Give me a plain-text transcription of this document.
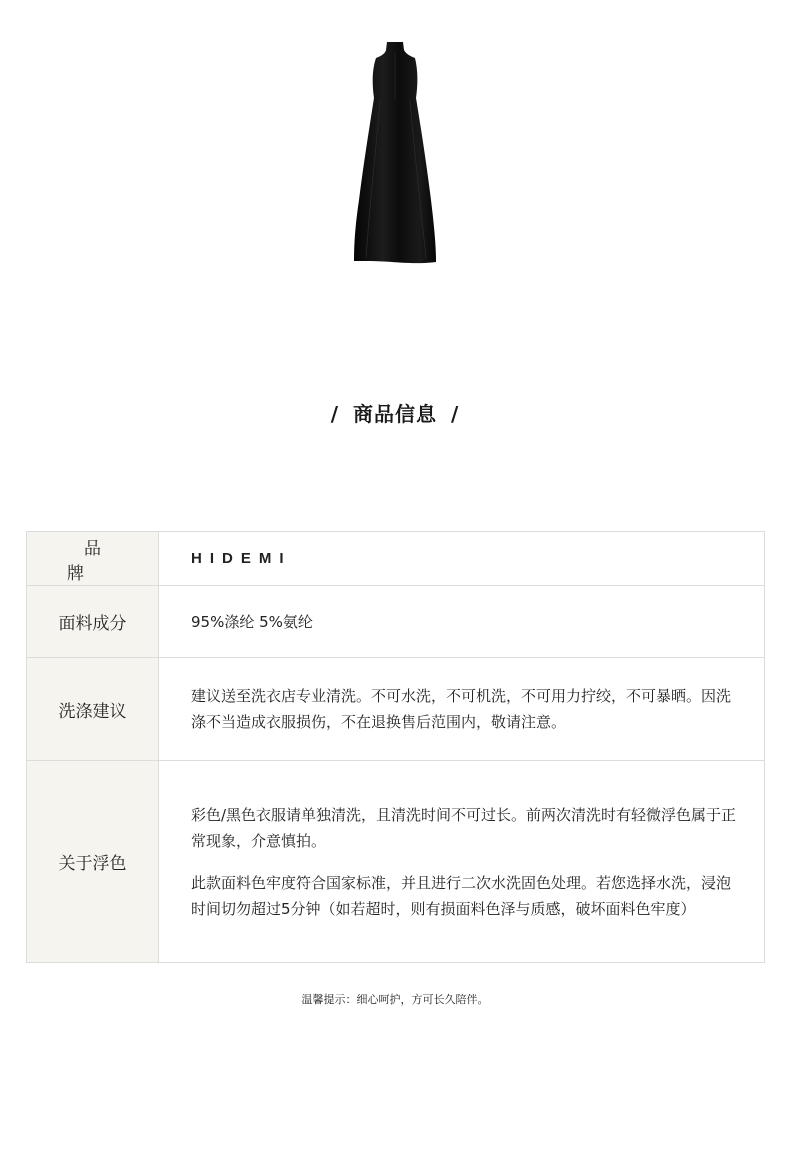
/ 商品信息 /
品牌	HIDEMI
面料成分	95%涤纶 5%氨纶
洗涤建议	建议送至洗衣店专业清洗。不可水洗，不可机洗，不可用力拧绞，不可暴晒。因洗涤不当造成衣服损伤，不在退换售后范围内，敬请注意。
关于浮色	彩色/黑色衣服请单独清洗，且清洗时间不可过长。前两次清洗时有轻微浮色属于正常现象，介意慎拍。

此款面料色牢度符合国家标准，并且进行二次水洗固色处理。若您选择水洗，浸泡时间切勿超过5分钟（如若超时，则有损面料色泽与质感，破坏面料色牢度）

温馨提示：细心呵护，方可长久陪伴。
